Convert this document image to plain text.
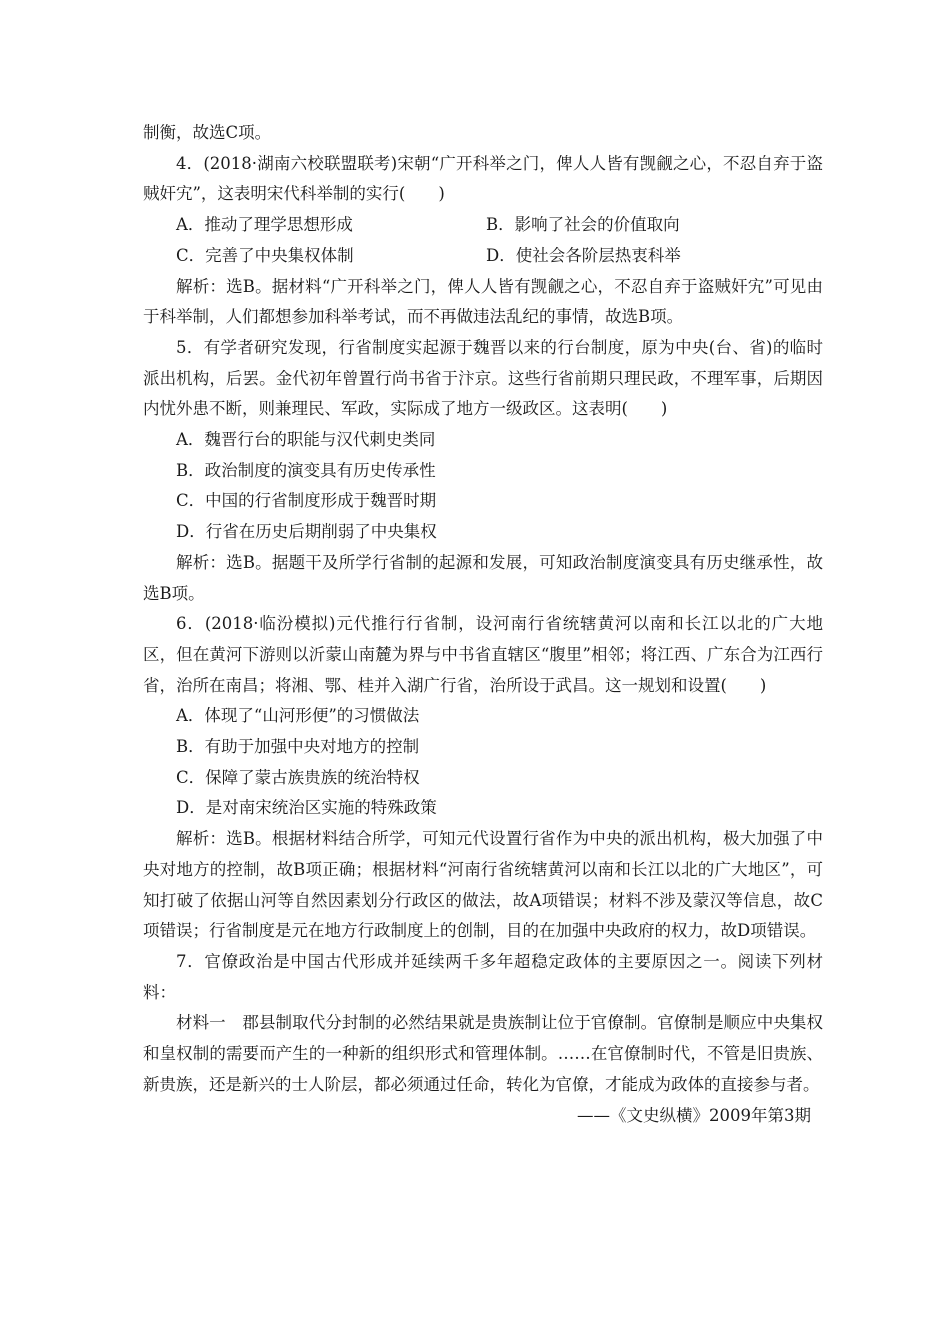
制衡，故选C项。

4．(2018·湖南六校联盟联考)宋朝“广开科举之门，俾人人皆有觊觎之心，不忍自弃于盗贼奸宄”，这表明宋代科举制的实行(　　)

A．推动了理学思想形成	B．影响了社会的价值取向
C．完善了中央集权体制	D．使社会各阶层热衷科举

解析：选B。据材料“广开科举之门，俾人人皆有觊觎之心，不忍自弃于盗贼奸宄”可见由于科举制，人们都想参加科举考试，而不再做违法乱纪的事情，故选B项。

5．有学者研究发现，行省制度实起源于魏晋以来的行台制度，原为中央(台、省)的临时派出机构，后罢。金代初年曾置行尚书省于汴京。这些行省前期只理民政，不理军事，后期因内忧外患不断，则兼理民、军政，实际成了地方一级政区。这表明(　　)

A．魏晋行台的职能与汉代刺史类同

B．政治制度的演变具有历史传承性

C．中国的行省制度形成于魏晋时期

D．行省在历史后期削弱了中央集权

解析：选B。据题干及所学行省制的起源和发展，可知政治制度演变具有历史继承性，故选B项。

6．(2018·临汾模拟)元代推行行省制，设河南行省统辖黄河以南和长江以北的广大地区，但在黄河下游则以沂蒙山南麓为界与中书省直辖区“腹里”相邻；将江西、广东合为江西行省，治所在南昌；将湘、鄂、桂并入湖广行省，治所设于武昌。这一规划和设置(　　)

A．体现了“山河形便”的习惯做法

B．有助于加强中央对地方的控制

C．保障了蒙古族贵族的统治特权

D．是对南宋统治区实施的特殊政策

解析：选B。根据材料结合所学，可知元代设置行省作为中央的派出机构，极大加强了中央对地方的控制，故B项正确；根据材料“河南行省统辖黄河以南和长江以北的广大地区”，可知打破了依据山河等自然因素划分行政区的做法，故A项错误；材料不涉及蒙汉等信息，故C项错误；行省制度是元在地方行政制度上的创制，目的在加强中央政府的权力，故D项错误。

7．官僚政治是中国古代形成并延续两千多年超稳定政体的主要原因之一。阅读下列材料：

材料一　郡县制取代分封制的必然结果就是贵族制让位于官僚制。官僚制是顺应中央集权和皇权制的需要而产生的一种新的组织形式和管理体制。……在官僚制时代，不管是旧贵族、新贵族，还是新兴的士人阶层，都必须通过任命，转化为官僚，才能成为政体的直接参与者。

——《文史纵横》2009年第3期
